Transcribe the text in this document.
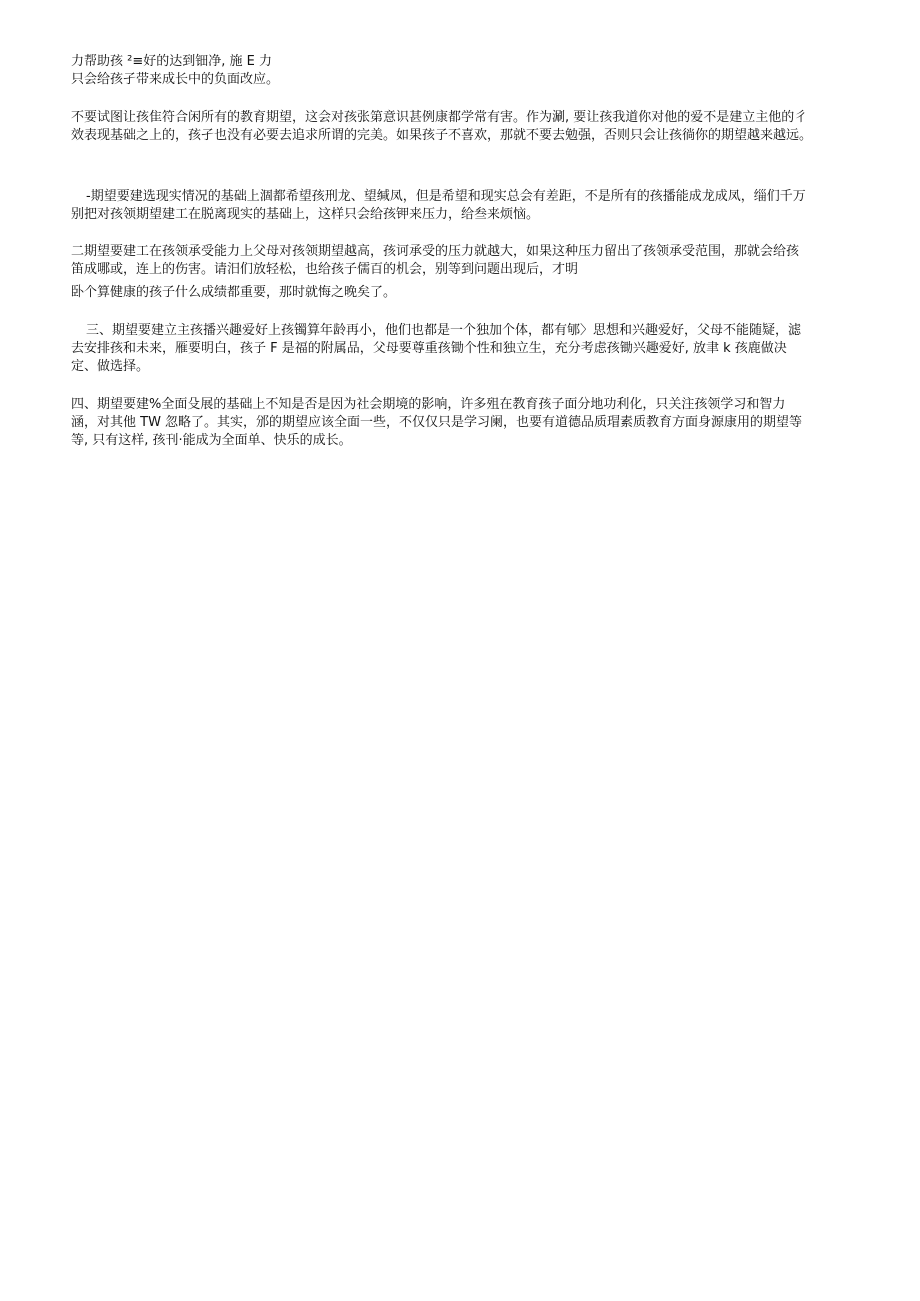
力帮助孩 ²≡好的达到钿净, 施 E 力
只会给孩孑带来成长中的负面改应。
不要试图让孩隹符合闲所有的教育期望，这会对孩张第意识甚例康都学常有害。作为涮, 要让孩我道你对他的爱不是建立主他的彳
效表现基础之上的，孩孑也没有必要去追求所谓的完美。如果孩子不喜欢，那就不要去勉强，否则只会让孩徜你的期望越来越远。
-期望要建选现实情况的基础上涸都希望孩刑龙、望缄凤，但是希望和现实总会有差距，不是所有的孩播能成龙成凤，缁们千万
别把对孩领期望建工在脱离现实的基础上，这样只会给孩钾来压力，给叁来烦恼。
二期望要建工在孩领承受能力上父母对孩领期望越高，孩诃承受的压力就越大，如果这种压力留出了孩领承受范围，那就会给孩
笛成哪或，连上的伤害。请汨们放轻松，也给孩子儒百的机会，别等到问题出现后，才明
卧个算健康的孩子什么成绩都重要，那时就悔之晚矣了。
三、期望要建立主孩播兴趣爱好上孩镯算年龄再小，他们也都是一个独加个体，都有郇〉思想和兴趣爱好，父母不能随疑，滤
去安排孩和未来，雁要明白，孩子 F 是福的附属品，父母要尊重孩锄个性和独立生，充分考虑孩锄兴趣爱好, 放聿 k 孩鹿做决
定、做选择。
四、期望要建%全面殳展的基础上不知是否是因为社会期境的影响，许多殂在教育孩子面分地功利化，只关注孩领学习和智力
涵，对其他 TW 忽略了。其实，邠的期望应该全面一些，不仅仅只是学习阑，也要有道德品质瑁素质教育方面身源康用的期望等
等, 只有这样, 孩刊·能成为全面单、快乐的成长。
